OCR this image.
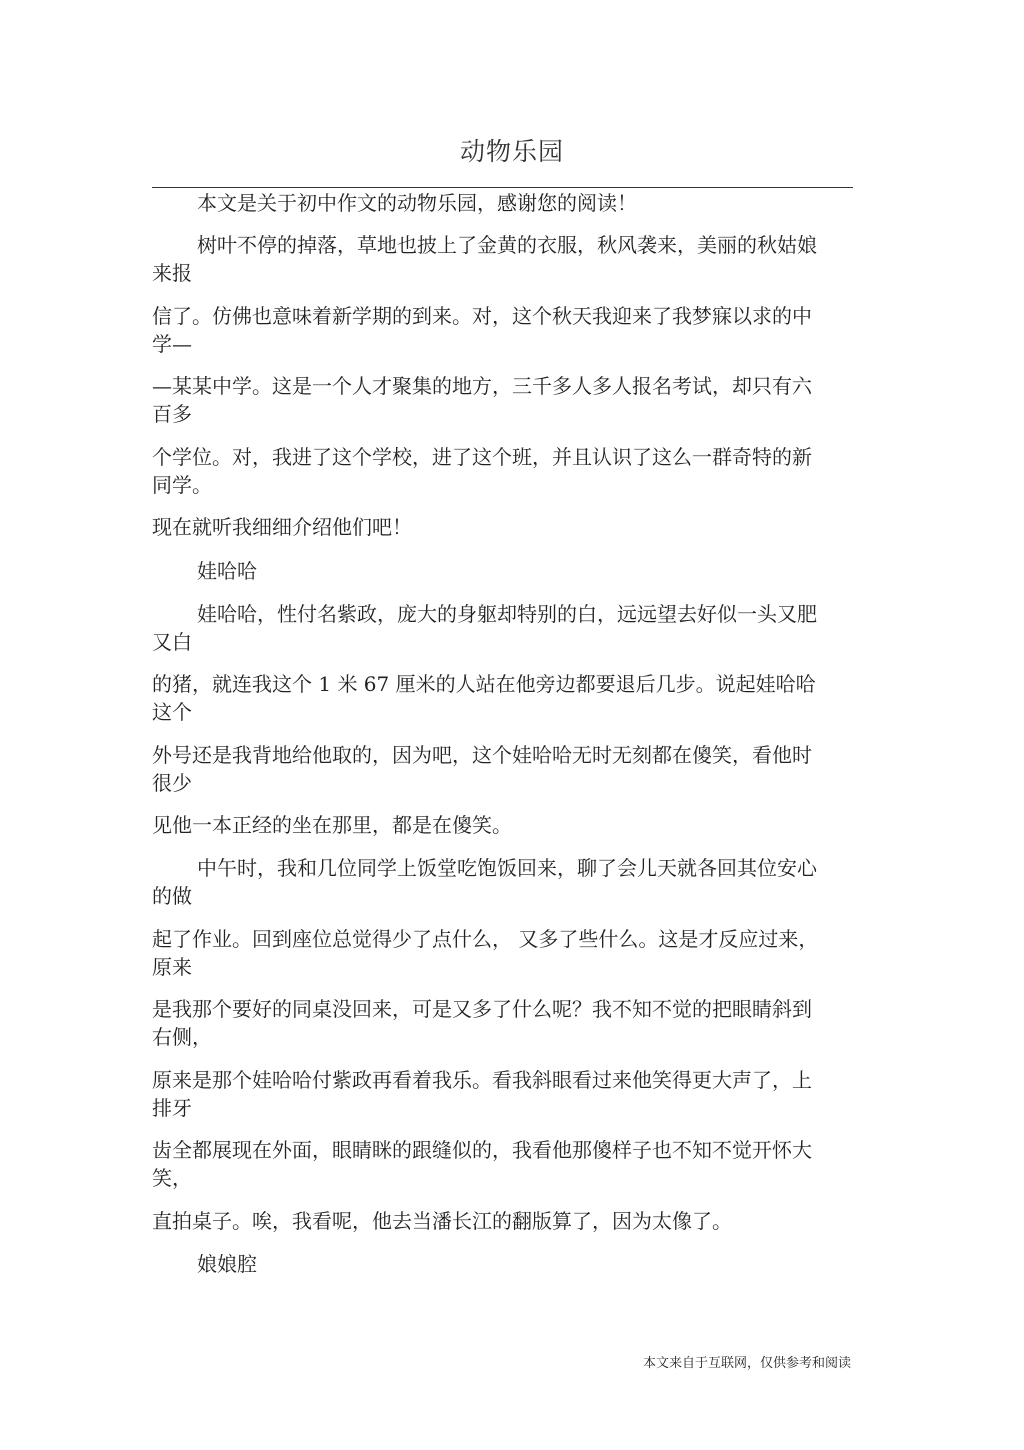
动物乐园
本文是关于初中作文的动物乐园，感谢您的阅读！
树叶不停的掉落，草地也披上了金黄的衣服，秋风袭来，美丽的秋姑娘
来报
信了。仿佛也意味着新学期的到来。对，这个秋天我迎来了我梦寐以求的中
学—
—某某中学。这是一个人才聚集的地方，三千多人多人报名考试，却只有六
百多
个学位。对，我进了这个学校，进了这个班，并且认识了这么一群奇特的新
同学。
现在就听我细细介绍他们吧！
娃哈哈
娃哈哈，性付名紫政，庞大的身躯却特别的白，远远望去好似一头又肥
又白
的猪，就连我这个 1 米 67 厘米的人站在他旁边都要退后几步。说起娃哈哈
这个
外号还是我背地给他取的，因为吧，这个娃哈哈无时无刻都在傻笑，看他时
很少
见他一本正经的坐在那里，都是在傻笑。
中午时，我和几位同学上饭堂吃饱饭回来，聊了会儿天就各回其位安心
的做
起了作业。回到座位总觉得少了点什么， 又多了些什么。这是才反应过来，
原来
是我那个要好的同桌没回来，可是又多了什么呢？我不知不觉的把眼睛斜到
右侧，
原来是那个娃哈哈付紫政再看着我乐。看我斜眼看过来他笑得更大声了，上
排牙
齿全都展现在外面，眼睛眯的跟缝似的，我看他那傻样子也不知不觉开怀大
笑，
直拍桌子。唉，我看呢，他去当潘长江的翻版算了，因为太像了。
娘娘腔
本文来自于互联网，仅供参考和阅读
